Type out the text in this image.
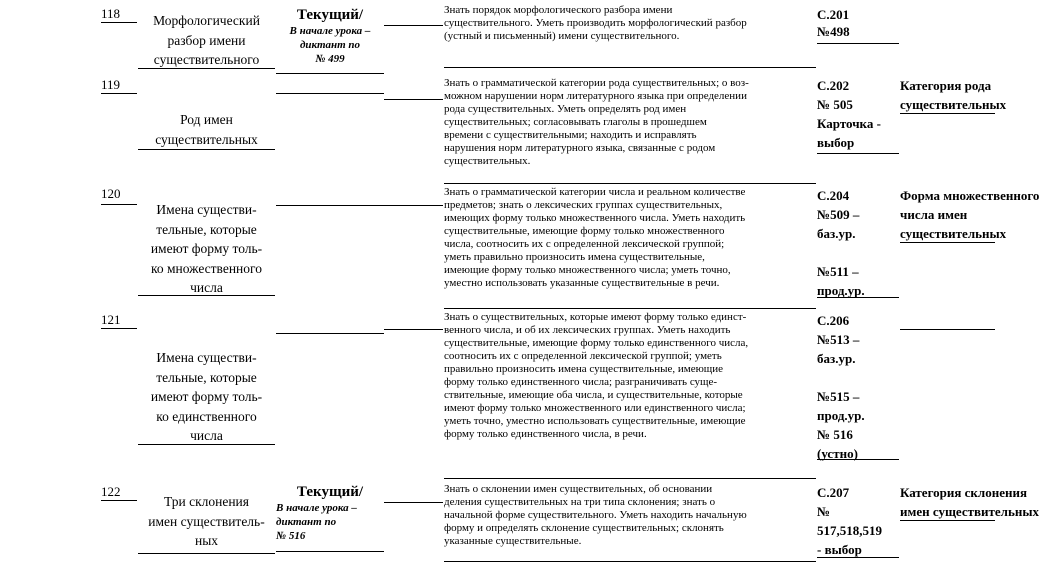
118	Морфологический
разбор имени
существительного
Текущий/
В начале урока –
диктант по
№ 499
Знать порядок морфологического разбора имени
существительного. Уметь производить морфологический разбор
(устный и письменный) имени существительного.
С.201
№498
119
Род имен
существительных
Знать о грамматической категории рода существительных; о воз-
можном нарушении норм литературного языка при определении
рода существительных. Уметь определять род имен
существительных; согласовывать глаголы в прошедшем
времени с существительными; находить и исправлять
нарушения норм литературного языка, связанные с родом
существительных.
С.202
№ 505
Карточка -
выбор
Категория рода
существительных
120
Имена существи-
тельные, которые
имеют форму толь-
ко множественного
числа
Знать о грамматической категории числа и реальном количестве
предметов; знать о лексических группах существительных,
имеющих форму только множественного числа. Уметь находить
существительные, имеющие форму только множественного
числа, соотносить их с определенной лексической группой;
уметь правильно произносить имена существительные,
имеющие форму только множественного числа; уметь точно,
уместно использовать указанные существительные в речи.
С.204
№509 –
баз.ур.
№511 –
прод.ур.
Форма множественного
числа имен
существительных
121
Имена существи-
тельные, которые
имеют форму толь-
ко единственного
числа
Знать о существительных, которые имеют форму только единст-
венного числа, и об их лексических группах. Уметь находить
существительные, имеющие форму только единственного числа,
соотносить их с определенной лексической группой; уметь
правильно произносить имена существительные, имеющие
форму только единственного числа; разграничивать суще-
ствительные, имеющие оба числа, и существительные, которые
имеют форму только множественного или единственного числа;
уметь точно, уместно использовать существительные, имеющие
форму только единственного числа, в речи.
С.206
№513 –
баз.ур.
№515 –
прод.ур.
№ 516
(устно)
122
Три склонения
имен существитель-
ных
Текущий/
В начале урока –
диктант по
№ 516
Знать о склонении имен существительных, об основании
деления существительных на три типа склонения; знать о
начальной форме существительного. Уметь находить начальную
форму и определять склонение существительных; склонять
указанные существительные.
С.207
№
517,518,519
- выбор
Категория склонения
имен существительных
